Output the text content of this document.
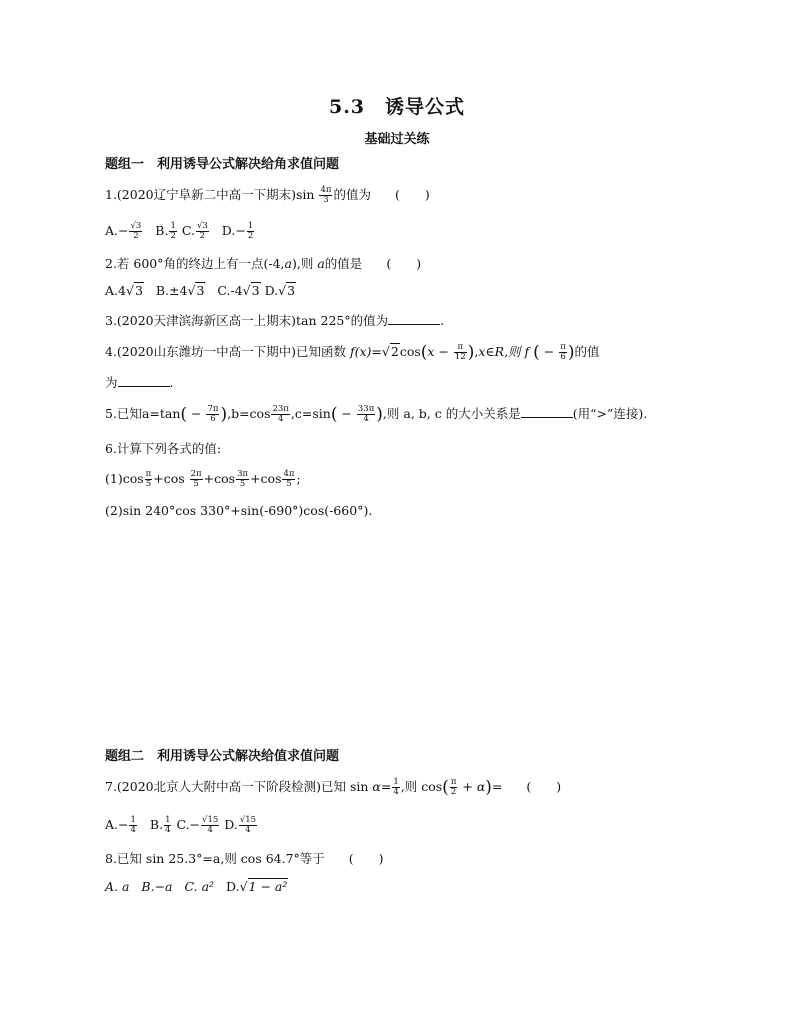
5.3　诱导公式
基础过关练
题组一　利用诱导公式解决给角求值问题
1.(2020辽宁阜新二中高一下期末)$\sin \frac{4\pi}{3}$ 的值为 (　　)
$A.- \frac{√3}{2} B$. $\frac{1}{2} C$. $\frac{√3}{2} D.- \frac{1}{2}$
2.若 600°角的终边上有一点(-4,a),则 a的值是 (　　)
A.4√3 B.±4√3 C.-4√3 D.√3
3.(2020天津滨海新区高一上期末)tan 225°的值为	.
4.(2020山东潍坊一中高一下期中)已知函数 $f(x)=√2\cos(x - \frac{\pi}{12}$ ),x∈R,则 f ( − $\frac{\pi}{6}$ )的值
为	.
5.已知$a=\tan( - \frac{7\pi}{6} ),b=\cos \frac{23\pi}{4} ,c=\sin( - \frac{33\pi}{4}$ ),则 a, b, c 的大小关系是	(用“>”连接).
6.计算下列各式的值:
$(1)\cos \frac{\pi}{5} +\cos \frac{2\pi}{5} +\cos \frac{3\pi}{5} +\cos \frac{4\pi}{5}$ ;
(2)sin 240°cos 330°+sin(-690°)cos(-660°).
题组二　利用诱导公式解决给值求值问题
7.(2020北京人大附中高一下阶段检测)已知 $\sin \alpha= \frac{1}{4}$ ,则 $\cos( \frac{\pi}{2} + \alpha)=$ (　　)
$A.- \frac{1}{4} B$. $\frac{1}{4} C.- \frac{√15}{4} D$. $\frac{√15}{4}$
8.已知 sin 25.3°=a,则 cos 64.7°等于 (　　)
A. a B.−a C. a² D.√1 − a²
